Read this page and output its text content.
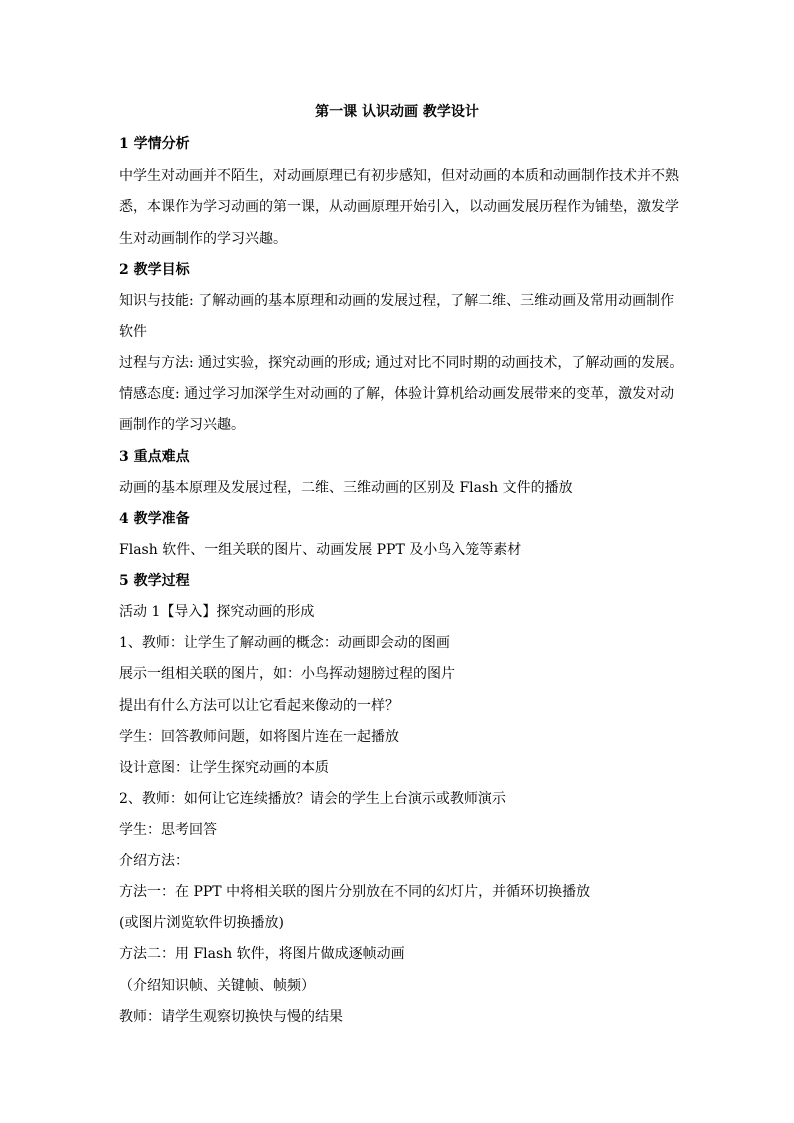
第一课 认识动画 教学设计
1 学情分析
中学生对动画并不陌生，对动画原理已有初步感知，但对动画的本质和动画制作技术并不熟
悉，本课作为学习动画的第一课，从动画原理开始引入，以动画发展历程作为铺垫，激发学
生对动画制作的学习兴趣。
2 教学目标
知识与技能: 了解动画的基本原理和动画的发展过程，了解二维、三维动画及常用动画制作
软件
过程与方法: 通过实验，探究动画的形成; 通过对比不同时期的动画技术，了解动画的发展。
情感态度: 通过学习加深学生对动画的了解，体验计算机给动画发展带来的变革，激发对动
画制作的学习兴趣。
3 重点难点
动画的基本原理及发展过程，二维、三维动画的区别及 Flash 文件的播放
4 教学准备
Flash 软件、一组关联的图片、动画发展 PPT 及小鸟入笼等素材
5 教学过程
活动 1【导入】探究动画的形成
1、教师：让学生了解动画的概念：动画即会动的图画
展示一组相关联的图片，如：小鸟挥动翅膀过程的图片
提出有什么方法可以让它看起来像动的一样？
学生：回答教师问题，如将图片连在一起播放
设计意图：让学生探究动画的本质
2、教师：如何让它连续播放？请会的学生上台演示或教师演示
学生：思考回答
介绍方法：
方法一：在 PPT 中将相关联的图片分别放在不同的幻灯片，并循环切换播放
(或图片浏览软件切换播放)
方法二：用 Flash 软件，将图片做成逐帧动画
（介绍知识帧、关键帧、帧频）
教师：请学生观察切换快与慢的结果
